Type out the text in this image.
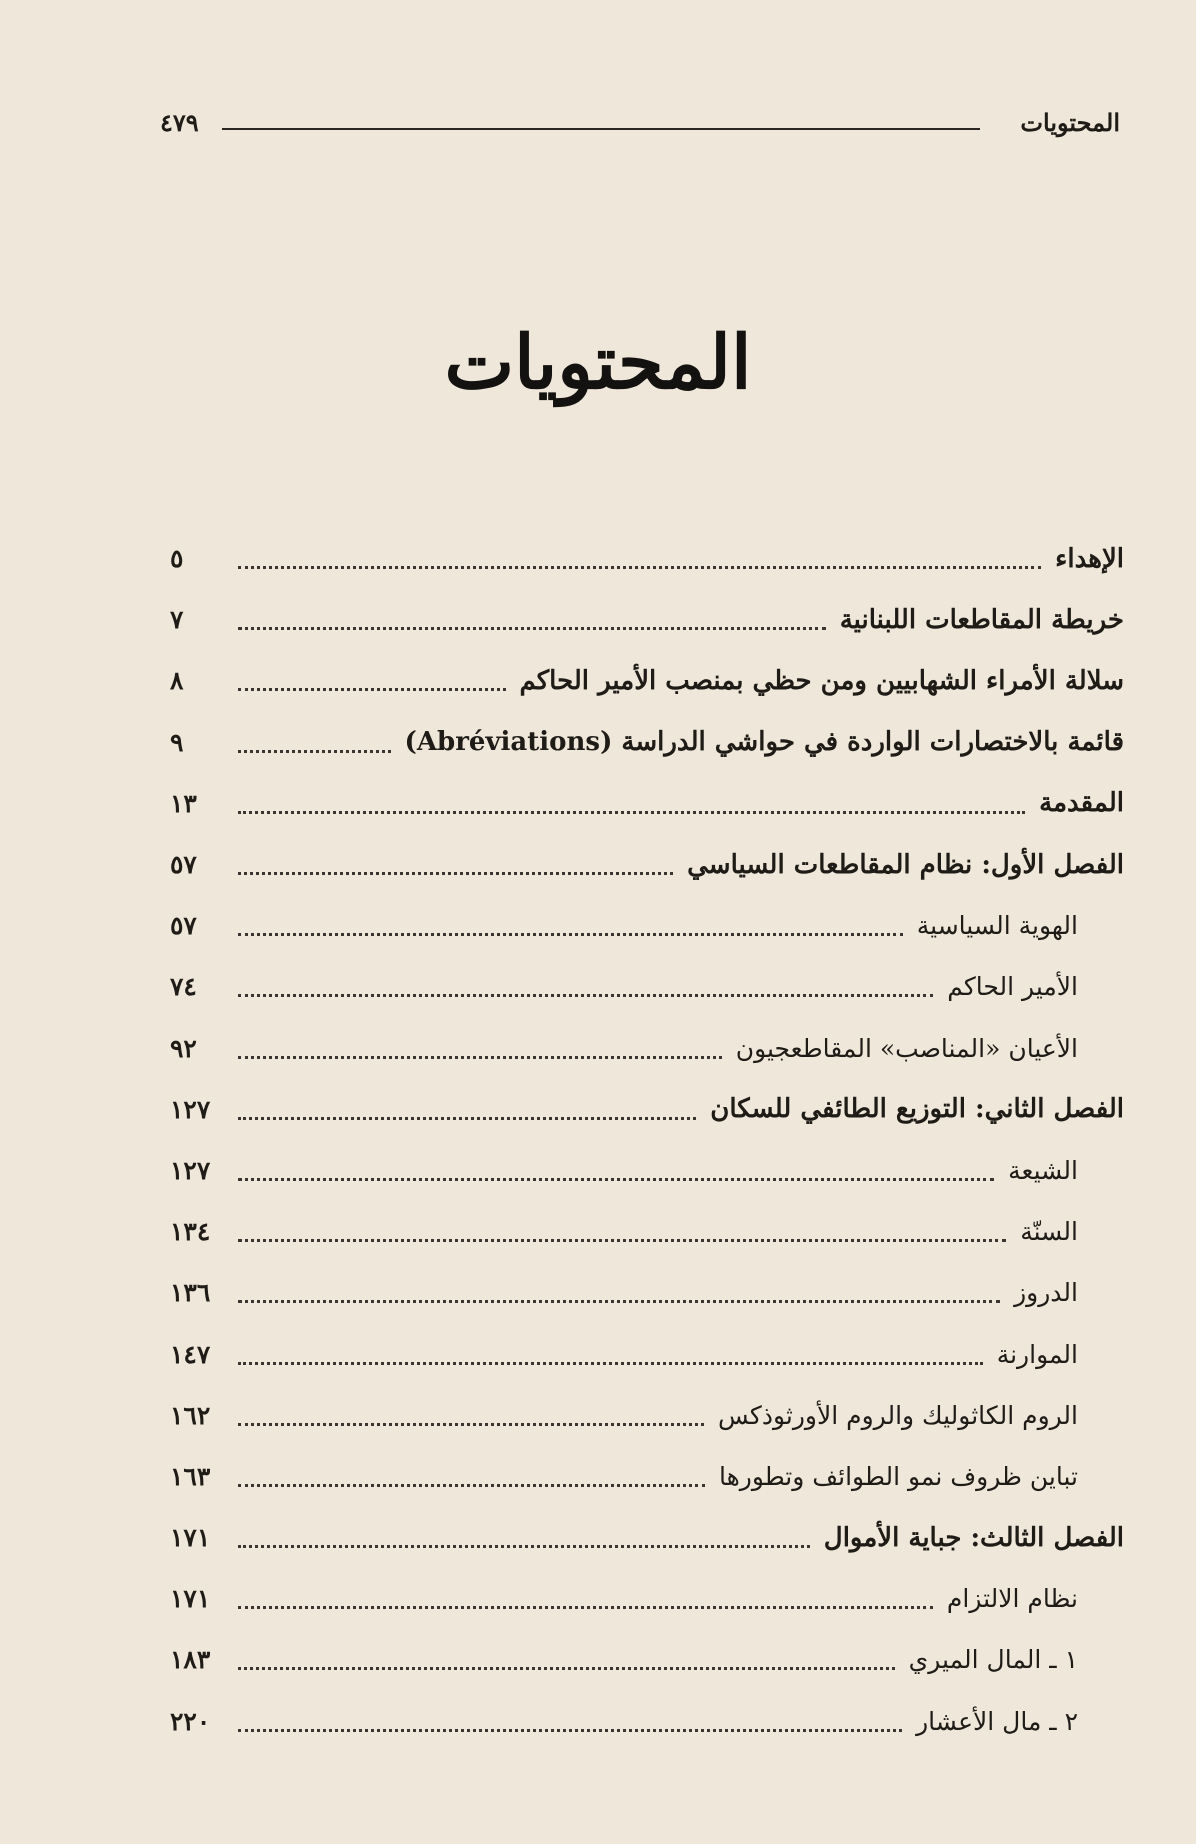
المحتويات
٤٧٩
المحتويات
الإهداء
٥
خريطة المقاطعات اللبنانية
٧
سلالة الأمراء الشهابيين ومن حظي بمنصب الأمير الحاكم
٨
قائمة بالاختصارات الواردة في حواشي الدراسة (Abréviations)
٩
المقدمة
١٣
الفصل الأول: نظام المقاطعات السياسي
٥٧
الهوية السياسية
٥٧
الأمير الحاكم
٧٤
الأعيان «المناصب» المقاطعجيون
٩٢
الفصل الثاني: التوزيع الطائفي للسكان
١٢٧
الشيعة
١٢٧
السنّة
١٣٤
الدروز
١٣٦
الموارنة
١٤٧
الروم الكاثوليك والروم الأورثوذكس
١٦٢
تباين ظروف نمو الطوائف وتطورها
١٦٣
الفصل الثالث: جباية الأموال
١٧١
نظام الالتزام
١٧١
١ ـ المال الميري
١٨٣
٢ ـ مال الأعشار
٢٢٠
